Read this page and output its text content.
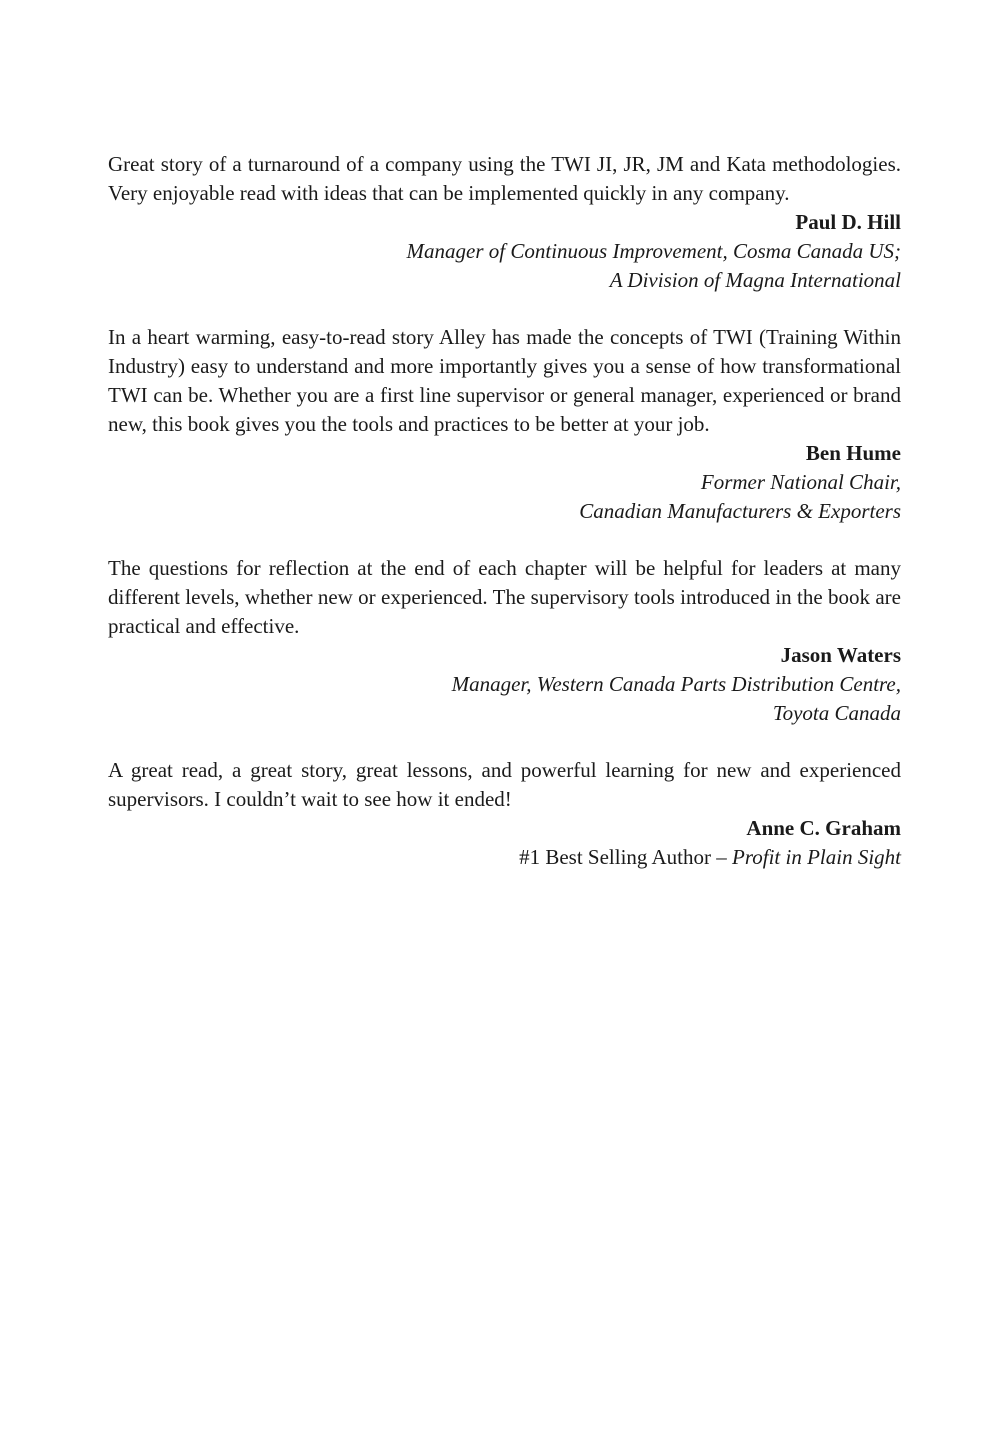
Great story of a turnaround of a company using the TWI JI, JR, JM and Kata methodologies. Very enjoyable read with ideas that can be implemented quickly in any company.

Paul D. Hill

Manager of Continuous Improvement, Cosma Canada US;

A Division of Magna International

In a heart warming, easy-to-read story Alley has made the concepts of TWI (Training Within Industry) easy to understand and more importantly gives you a sense of how transformational TWI can be. Whether you are a first line supervisor or general manager, experienced or brand new, this book gives you the tools and practices to be better at your job.

Ben Hume

Former National Chair,

Canadian Manufacturers & Exporters

The questions for reflection at the end of each chapter will be helpful for leaders at many different levels, whether new or experienced. The supervisory tools introduced in the book are practical and effective.

Jason Waters

Manager, Western Canada Parts Distribution Centre,

Toyota Canada

A great read, a great story, great lessons, and powerful learning for new and experienced supervisors. I couldn’t wait to see how it ended!

Anne C. Graham

#1 Best Selling Author – Profit in Plain Sight
